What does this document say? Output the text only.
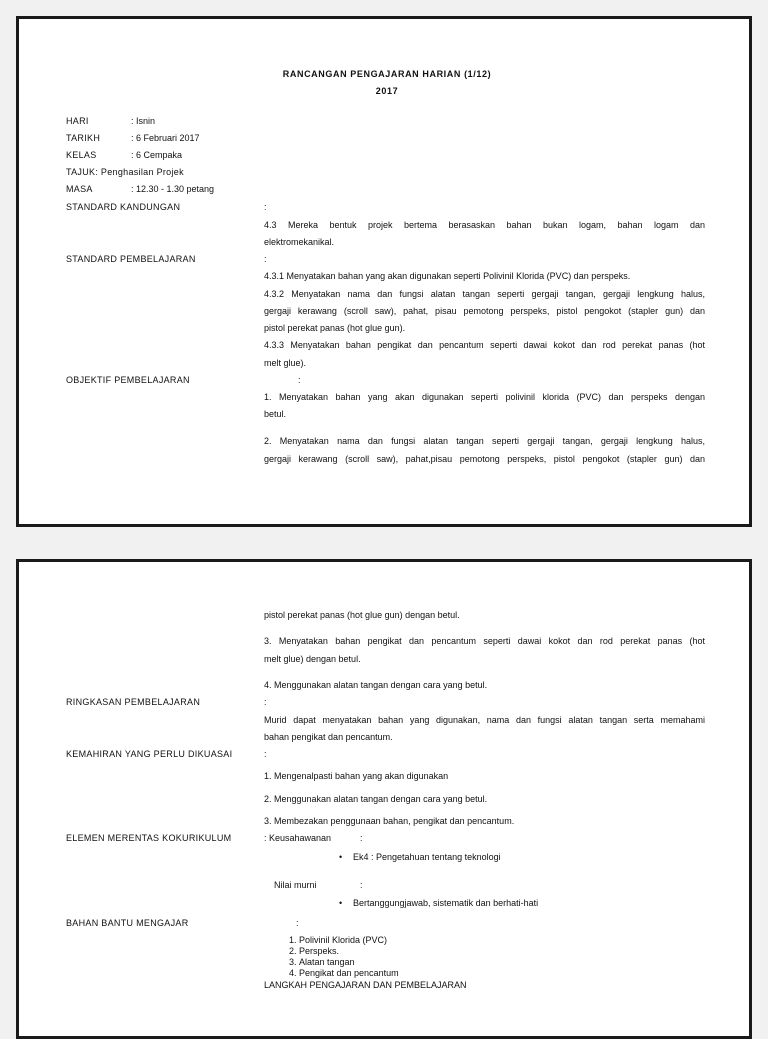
RANCANGAN PENGAJARAN HARIAN (1/12)
2017
HARI	: Isnin
TARIKH	: 6 Februari 2017
KELAS	: 6 Cempaka
TAJUK: Penghasilan Projek
MASA	: 12.30 - 1.30 petang
STANDARD KANDUNGAN	:
4.3 Mereka bentuk projek bertema berasaskan bahan bukan logam, bahan logam dan
elektromekanikal.
STANDARD PEMBELAJARAN	:
4.3.1 Menyatakan bahan yang akan digunakan seperti Polivinil Klorida (PVC) dan perspeks.
4.3.2 Menyatakan nama dan fungsi alatan tangan seperti gergaji tangan, gergaji lengkung halus,
gergaji kerawang (scroll saw), pahat, pisau pemotong perspeks, pistol pengokot (stapler gun) dan
pistol perekat panas (hot glue gun).
4.3.3 Menyatakan bahan pengikat dan pencantum seperti dawai kokot dan rod perekat panas (hot
melt glue).
OBJEKTIF PEMBELAJARAN	:
1. Menyatakan bahan yang akan digunakan seperti polivinil klorida (PVC) dan perspeks dengan
betul.
2. Menyatakan nama dan fungsi alatan tangan seperti gergaji tangan, gergaji lengkung halus,
gergaji kerawang (scroll saw), pahat,pisau pemotong perspeks, pistol pengokot (stapler gun) dan
pistol perekat panas (hot glue gun) dengan betul.
3. Menyatakan bahan pengikat dan pencantum seperti dawai kokot dan rod perekat panas (hot
melt glue) dengan betul.
4. Menggunakan alatan tangan dengan cara yang betul.
RINGKASAN PEMBELAJARAN	:
Murid dapat menyatakan bahan yang digunakan, nama dan fungsi alatan tangan serta memahami
bahan pengikat dan pencantum.
KEMAHIRAN YANG PERLU DIKUASAI	:
1. Mengenalpasti bahan yang akan digunakan
2. Menggunakan alatan tangan dengan cara yang betul.
3. Membezakan penggunaan bahan, pengikat dan pencantum.
ELEMEN MERENTAS KOKURIKULUM	: Keusahawanan	:
• Ek4 : Pengetahuan tentang teknologi
Nilai murni	:
• Bertanggungjawab, sistematik dan berhati-hati
BAHAN BANTU MENGAJAR	:
1. Polivinil Klorida (PVC)
2. Perspeks.
3. Alatan tangan
4. Pengikat dan pencantum
LANGKAH PENGAJARAN DAN PEMBELAJARAN
